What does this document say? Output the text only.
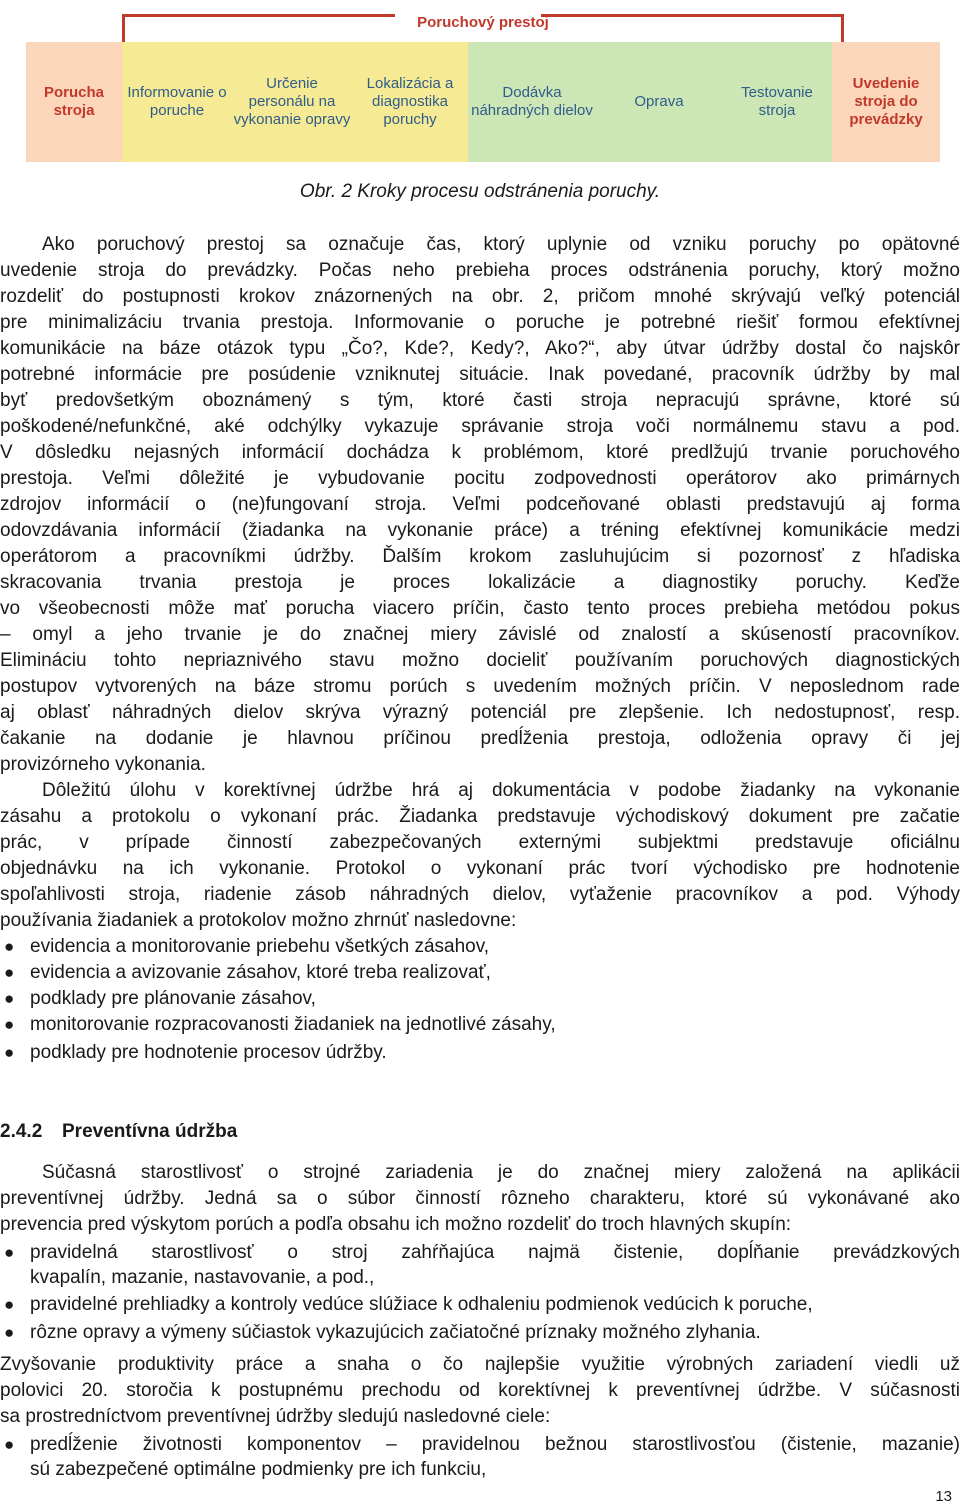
Poruchový prestoj
Porucha stroja
Informovanie o poruche
Určenie personálu na vykonanie opravy
Lokalizácia a diagnostika poruchy
Dodávka náhradných dielov
Oprava
Testovanie stroja
Uvedenie stroja do prevádzky
Obr. 2 Kroky procesu odstránenia poruchy.
Ako poruchový prestoj sa označuje čas, ktorý uplynie od vzniku poruchy po opätovné
uvedenie stroja do prevádzky. Počas neho prebieha proces odstránenia poruchy, ktorý možno
rozdeliť do postupnosti krokov znázornených na obr. 2, pričom mnohé skrývajú veľký potenciál
pre minimalizáciu trvania prestoja. Informovanie o poruche je potrebné riešiť formou efektívnej
komunikácie na báze otázok typu „Čo?, Kde?, Kedy?, Ako?“, aby útvar údržby dostal čo najskôr
potrebné informácie pre posúdenie vzniknutej situácie. Inak povedané, pracovník údržby by mal
byť predovšetkým oboznámený s tým, ktoré časti stroja nepracujú správne, ktoré sú
poškodené/nefunkčné, aké odchýlky vykazuje správanie stroja voči normálnemu stavu a pod.
V dôsledku nejasných informácií dochádza k problémom, ktoré predlžujú trvanie poruchového
prestoja. Veľmi dôležité je vybudovanie pocitu zodpovednosti operátorov ako primárnych
zdrojov informácií o (ne)fungovaní stroja. Veľmi podceňované oblasti predstavujú aj forma
odovzdávania informácií (žiadanka na vykonanie práce) a tréning efektívnej komunikácie medzi
operátorom a pracovníkmi údržby. Ďalším krokom zasluhujúcim si pozornosť z hľadiska
skracovania trvania prestoja je proces lokalizácie a diagnostiky poruchy. Keďže
vo všeobecnosti môže mať porucha viacero príčin, často tento proces prebieha metódou pokus
– omyl a jeho trvanie je do značnej miery závislé od znalostí a skúseností pracovníkov.
Elimináciu tohto nepriaznivého stavu možno docieliť používaním poruchových diagnostických
postupov vytvorených na báze stromu porúch s uvedením možných príčin. V neposlednom rade
aj oblasť náhradných dielov skrýva výrazný potenciál pre zlepšenie. Ich nedostupnosť, resp.
čakanie na dodanie je hlavnou príčinou predĺženia prestoja, odloženia opravy či jej
provizórneho vykonania.
Dôležitú úlohu v korektívnej údržbe hrá aj dokumentácia v podobe žiadanky na vykonanie
zásahu a protokolu o vykonaní prác. Žiadanka predstavuje východiskový dokument pre začatie
prác, v prípade činností zabezpečovaných externými subjektmi predstavuje oficiálnu
objednávku na ich vykonanie. Protokol o vykonaní prác tvorí východisko pre hodnotenie
spoľahlivosti stroja, riadenie zásob náhradných dielov, vyťaženie pracovníkov a pod. Výhody
používania žiadaniek a protokolov možno zhrnúť nasledovne:
● evidencia a monitorovanie priebehu všetkých zásahov,
● evidencia a avizovanie zásahov, ktoré treba realizovať,
● podklady pre plánovanie zásahov,
● monitorovanie rozpracovanosti žiadaniek na jednotlivé zásahy,
● podklady pre hodnotenie procesov údržby.
2.4.2 Preventívna údržba
Súčasná starostlivosť o strojné zariadenia je do značnej miery založená na aplikácii
preventívnej údržby. Jedná sa o súbor činností rôzneho charakteru, ktoré sú vykonávané ako
prevencia pred výskytom porúch a podľa obsahu ich možno rozdeliť do troch hlavných skupín:
● pravidelná starostlivosť o stroj zahŕňajúca najmä čistenie, dopĺňanie prevádzkových
kvapalín, mazanie, nastavovanie, a pod.,
● pravidelné prehliadky a kontroly vedúce slúžiace k odhaleniu podmienok vedúcich k poruche,
● rôzne opravy a výmeny súčiastok vykazujúcich začiatočné príznaky možného zlyhania.
Zvyšovanie produktivity práce a snaha o čo najlepšie využitie výrobných zariadení viedli už
polovici 20. storočia k postupnému prechodu od korektívnej k preventívnej údržbe. V súčasnosti
sa prostredníctvom preventívnej údržby sledujú nasledovné ciele:
● predĺženie životnosti komponentov – pravidelnou bežnou starostlivosťou (čistenie, mazanie)
sú zabezpečené optimálne podmienky pre ich funkciu,
13
